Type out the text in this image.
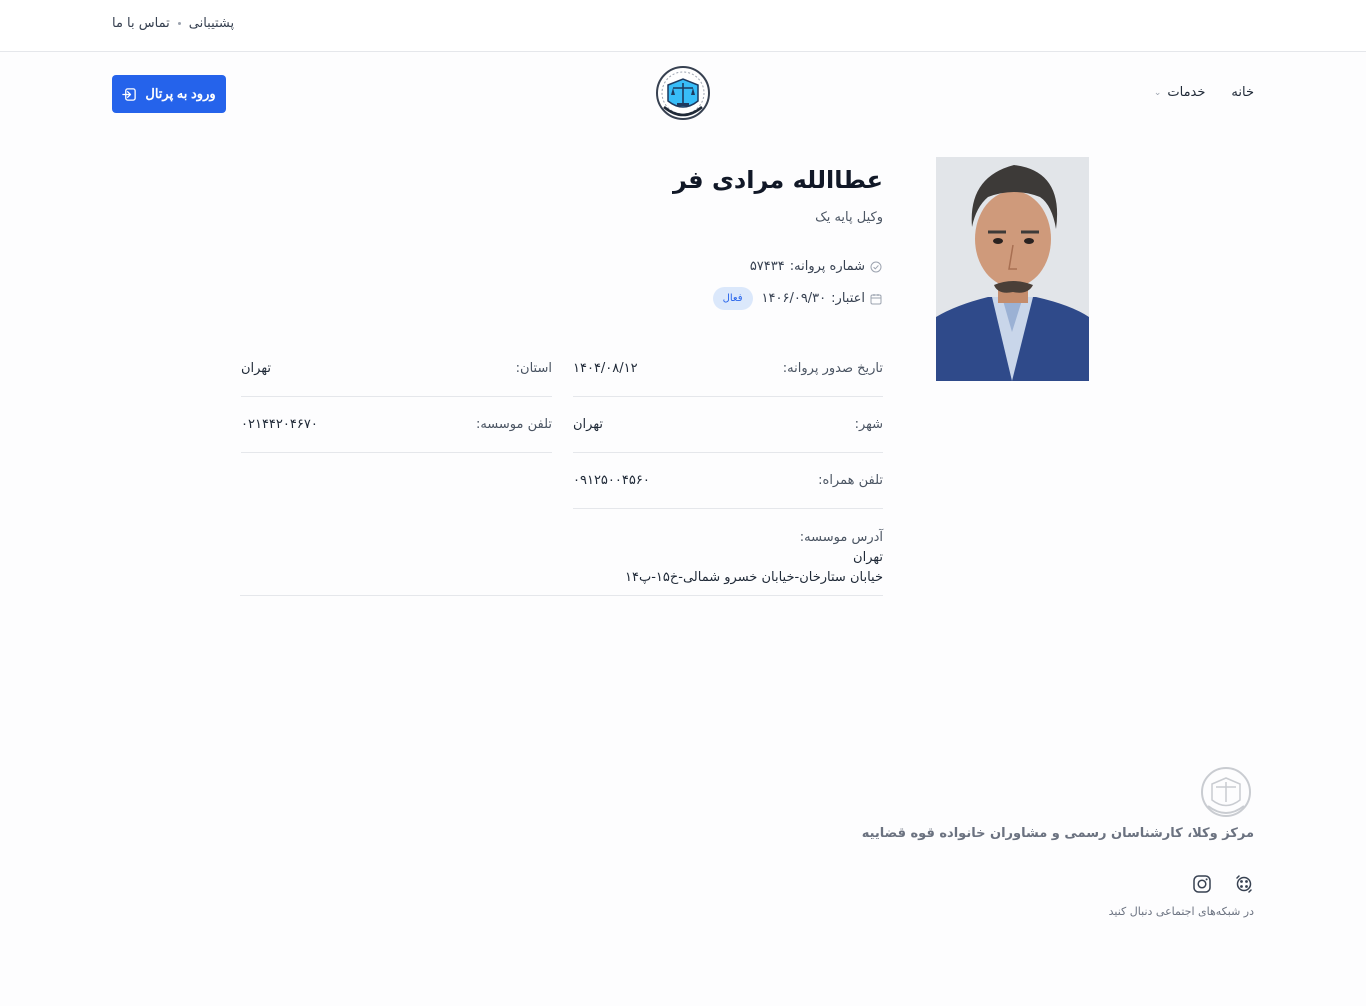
پشتیبانی
تماس با ما
خانه
خدمات
⌄
ورود به پرتال
عطاالله مرادی فر
وکیل پایه یک
شماره پروانه:
۵۷۴۳۴
اعتبار:
۱۴۰۶/۰۹/۳۰
فعال
تاریخ صدور پروانه:
۱۴۰۴/۰۸/۱۲
استان:
تهران
شهر:
تهران
تلفن موسسه:
۰۲۱۴۴۲۰۴۶۷۰
تلفن همراه:
۰۹۱۲۵۰۰۴۵۶۰
آدرس موسسه:
تهران
خیابان ستارخان-خیابان خسرو شمالی-خ۱۵-پ۱۴
مرکز وکلا، کارشناسان رسمی و مشاوران خانواده قوه قضاییه
در شبکه‌های اجتماعی دنبال کنید
